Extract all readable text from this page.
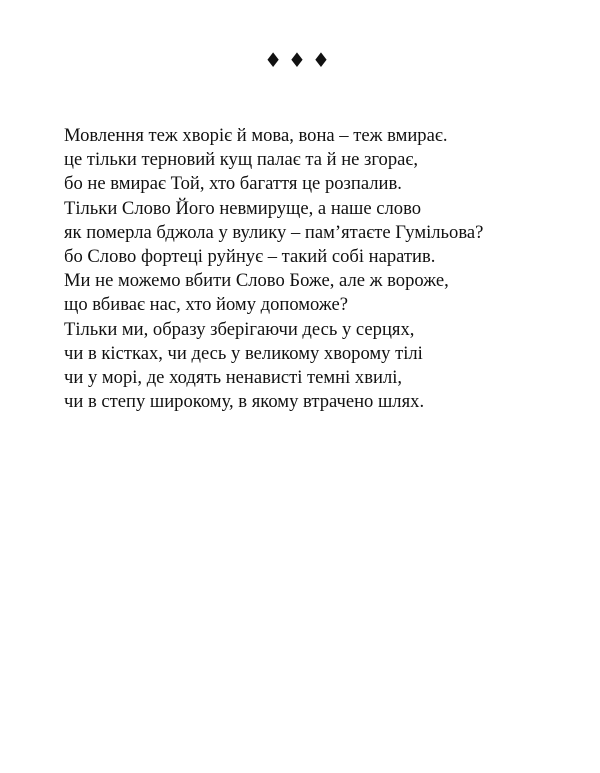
♦♦♦
Мовлення теж хворіє й мова, вона – теж вмирає.
це тільки терновий кущ палає та й не згорає,
бо не вмирає Той, хто багаття це розпалив.
Тільки Слово Його невмируще, а наше слово
як померла бджола у вулику – пам’ятаєте Гумільова?
бо Слово фортеці руйнує – такий собі наратив.
Ми не можемо вбити Слово Боже, але ж вороже,
що вбиває нас, хто йому допоможе?
Тільки ми, образу зберігаючи десь у серцях,
чи в кістках, чи десь у великому хворому тілі
чи у морі, де ходять ненависті темні хвилі,
чи в степу широкому, в якому втрачено шлях.
